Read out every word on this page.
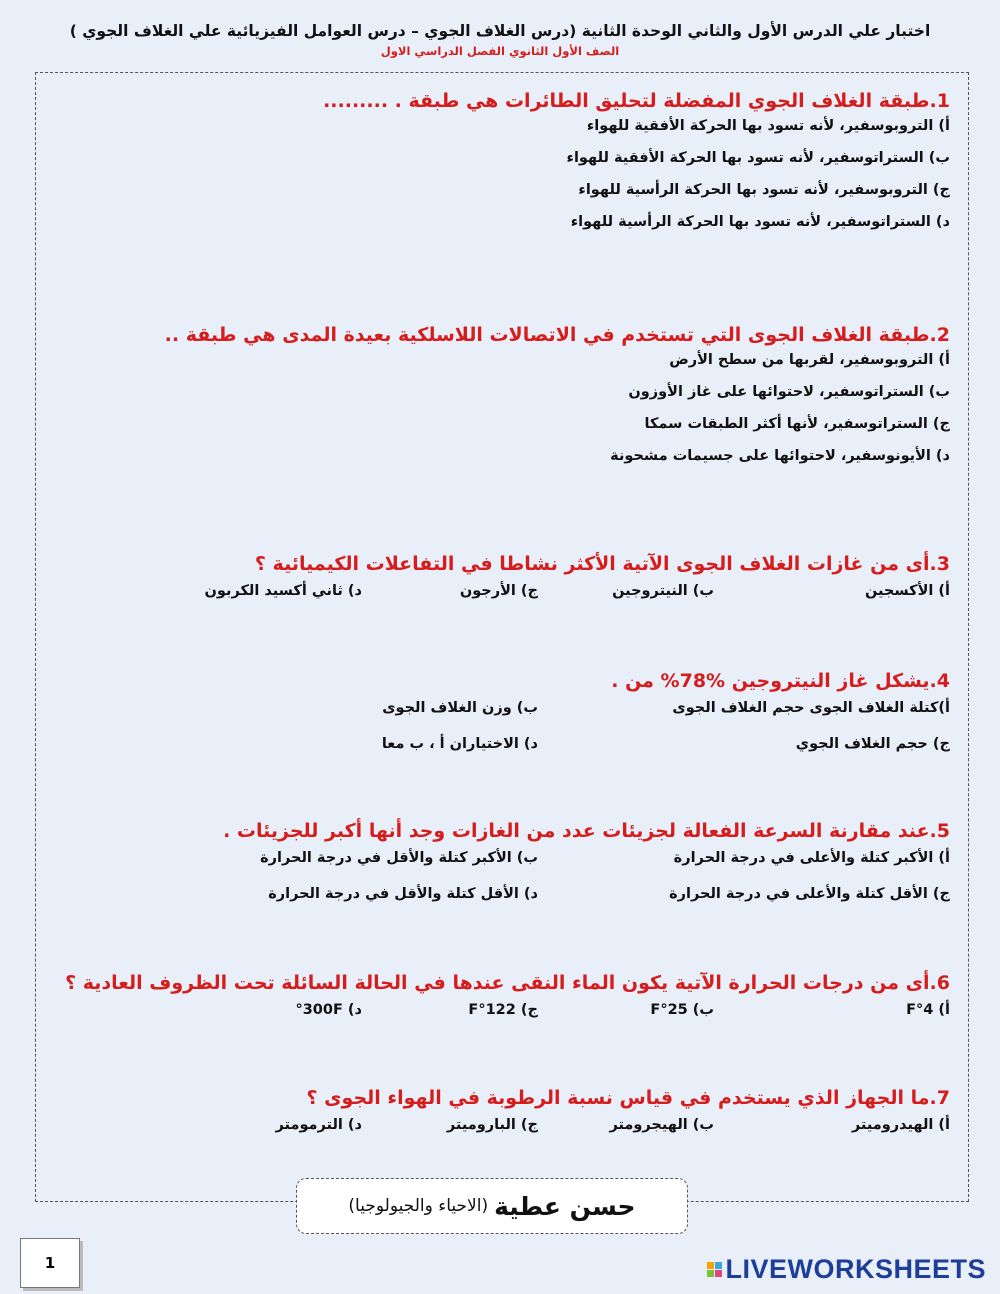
اختبار علي الدرس الأول والثاني الوحدة الثانية (درس الغلاف الجوي – درس العوامل الفيزيائية علي الغلاف الجوي )
الصف الأول الثانوي الفصل الدراسي الاول
1.طبقة الغلاف الجوي المفضلة لتحليق الطائرات هي طبقة . .........
أ) التروبوسفير، لأنه تسود بها الحركة الأفقية للهواء
ب) الستراتوسفير، لأنه تسود بها الحركة الأفقية للهواء
ج) التروبوسفير، لأنه تسود بها الحركة الرأسية للهواء
د) الستراتوسفير، لأنه تسود بها الحركة الرأسية للهواء
2.طبقة الغلاف الجوى التي تستخدم في الاتصالات اللاسلكية بعيدة المدى هي طبقة ..
أ) التروبوسفير، لقربها من سطح الأرض
ب) الستراتوسفير، لاحتوائها على غاز الأوزون
ج) الستراتوسفير، لأنها أكثر الطبقات سمكا
د) الأيونوسفير، لاحتوائها على جسيمات مشحونة
3.أى من غازات الغلاف الجوى الآتية الأكثر نشاطا في التفاعلات الكيميائية ؟
أ) الأكسجين
ب) النيتروجين
ج) الأرجون
د) ثاني أكسيد الكربون
4.يشكل غاز النيتروجين %78% من .
أ)كتلة الغلاف الجوى حجم الغلاف الجوى
ب) وزن الغلاف الجوى
ج) حجم الغلاف الجوي
د) الاختياران أ ، ب معا
5.عند مقارنة السرعة الفعالة لجزيئات عدد من الغازات وجد أنها أكبر للجزيئات .
أ) الأكبر كتلة والأعلى في درجة الحرارة
ب) الأكبر كتلة والأقل في درجة الحرارة
ج) الأقل كتلة والأعلى في درجة الحرارة
د) الأقل كتلة والأقل في درجة الحرارة
6.أى من درجات الحرارة الآتية يكون الماء النقى عندها في الحالة السائلة تحت الظروف العادية ؟
أ) 4°F
ب) 25°F
ج) 122°F
د) 300F°
7.ما الجهاز الذي يستخدم في قياس نسبة الرطوبة في الهواء الجوى ؟
أ) الهيدروميتر
ب) الهيجرومتر
ج) الباروميتر
د) الترمومتر
حسن عطية
(الاحياء والجيولوجيا)
1	LIVEWORKSHEETS
